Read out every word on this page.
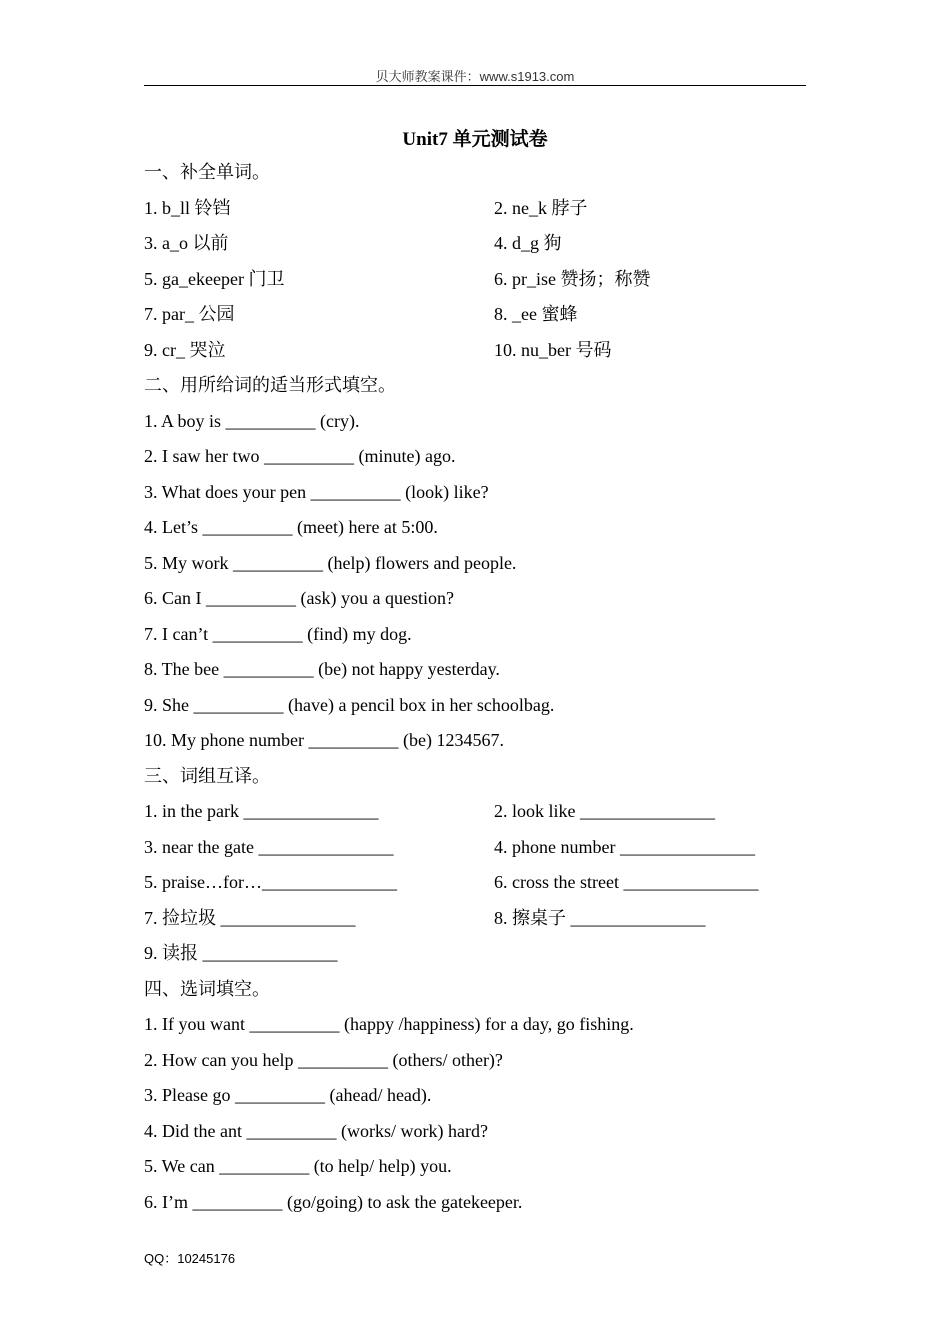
贝大师教案课件：www.s1913.com
Unit7 单元测试卷
一、补全单词。
1. b_ll 铃铛	2. ne_k 脖子
3. a_o 以前	4. d_g 狗
5. ga_ekeeper 门卫	6. pr_ise 赞扬；称赞
7. par_ 公园	8. _ee 蜜蜂
9. cr_ 哭泣	10. nu_ber 号码
二、用所给词的适当形式填空。
1. A boy is __________ (cry).
2. I saw her two __________ (minute) ago.
3. What does your pen __________ (look) like?
4. Let’s __________ (meet) here at 5:00.
5. My work __________ (help) flowers and people.
6. Can I __________ (ask) you a question?
7. I can’t __________ (find) my dog.
8. The bee __________ (be) not happy yesterday.
9. She __________ (have) a pencil box in her schoolbag.
10. My phone number __________ (be) 1234567.
三、词组互译。
1. in the park _______________	2. look like _______________
3. near the gate _______________	4. phone number _______________
5. praise…for…_______________	6. cross the street _______________
7. 捡垃圾 _______________	8. 擦桌子 _______________
9. 读报 _______________
四、选词填空。
1. If you want __________ (happy /happiness) for a day, go fishing.
2. How can you help __________ (others/ other)?
3. Please go __________ (ahead/ head).
4. Did the ant __________ (works/ work) hard?
5. We can __________ (to help/ help) you.
6. I’m __________ (go/going) to ask the gatekeeper.
QQ：10245176
